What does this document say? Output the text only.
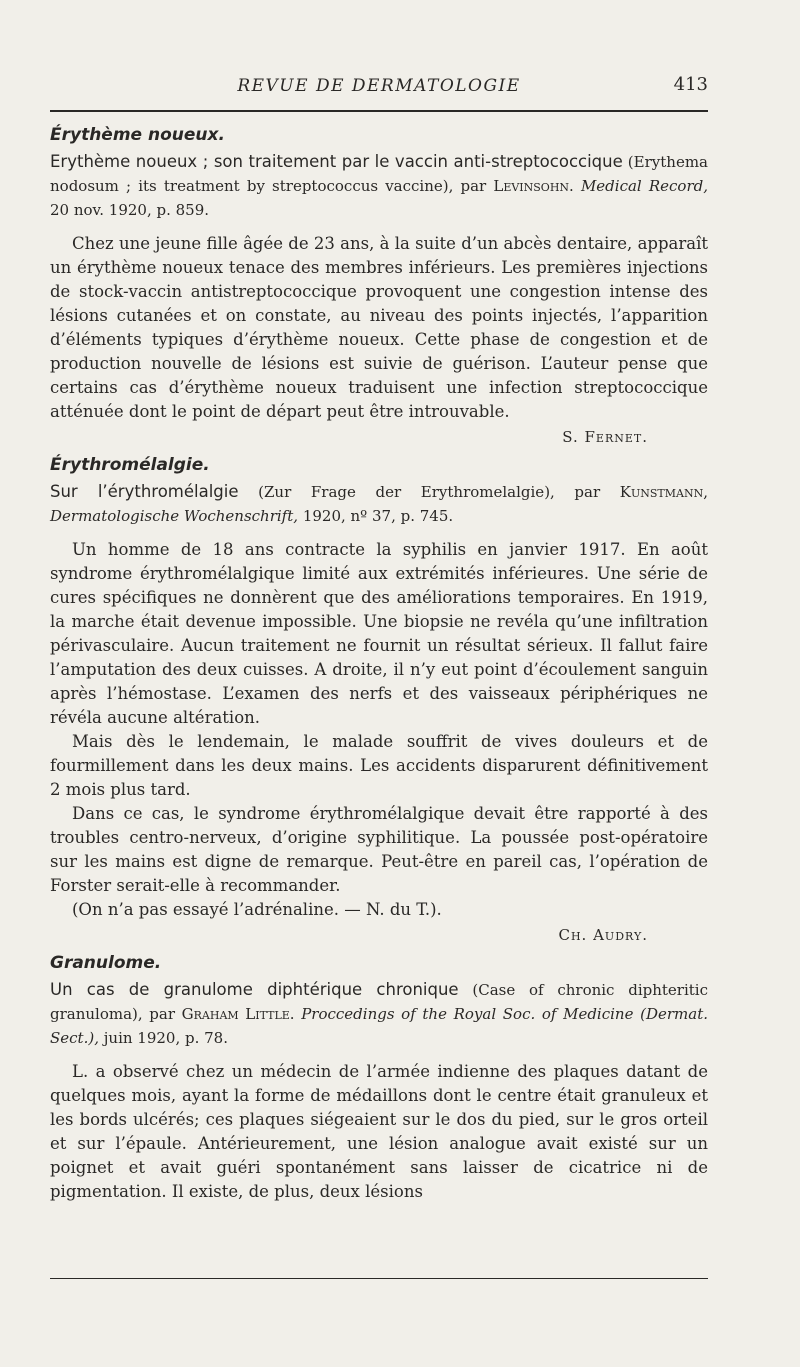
REVUE DE DERMATOLOGIE	413
Érythème noueux.

Erythème noueux ; son traitement par le vaccin anti-streptococcique (Erythema nodosum ; its treatment by streptococcus vaccine), par Levinsohn. Medical Record, 20 nov. 1920, p. 859.

Chez une jeune fille âgée de 23 ans, à la suite d’un abcès dentaire, apparaît un érythème noueux tenace des membres inférieurs. Les premières injections de stock-vaccin antistreptococcique provoquent une congestion intense des lésions cutanées et on constate, au niveau des points injectés, l’apparition d’éléments typiques d’érythème noueux. Cette phase de congestion et de production nouvelle de lésions est suivie de guérison. L’auteur pense que certains cas d’érythème noueux traduisent une infection streptococcique atténuée dont le point de départ peut être introuvable.

S. Fernet.

Érythromélalgie.

Sur l’érythromélalgie (Zur Frage der Erythromelalgie), par Kunstmann, Dermatologische Wochenschrift, 1920, nº 37, p. 745.

Un homme de 18 ans contracte la syphilis en janvier 1917. En août syndrome érythromélalgique limité aux extrémités inférieures. Une série de cures spécifiques ne donnèrent que des améliorations temporaires. En 1919, la marche était devenue impossible. Une biopsie ne revéla qu’une infiltration périvasculaire. Aucun traitement ne fournit un résultat sérieux. Il fallut faire l’amputation des deux cuisses. A droite, il n’y eut point d’écoulement sanguin après l’hémostase. L’examen des nerfs et des vaisseaux périphériques ne révéla aucune altération.

Mais dès le lendemain, le malade souffrit de vives douleurs et de fourmillement dans les deux mains. Les accidents disparurent définitivement 2 mois plus tard.

Dans ce cas, le syndrome érythromélalgique devait être rapporté à des troubles centro-nerveux, d’origine syphilitique. La poussée post-opératoire sur les mains est digne de remarque. Peut-être en pareil cas, l’opération de Forster serait-elle à recommander.

(On n’a pas essayé l’adrénaline. — N. du T.).

Ch. Audry.

Granulome.

Un cas de granulome diphtérique chronique (Case of chronic diphteritic granuloma), par Graham Little. Proccedings of the Royal Soc. of Medicine (Dermat. Sect.), juin 1920, p. 78.

L. a observé chez un médecin de l’armée indienne des plaques datant de quelques mois, ayant la forme de médaillons dont le centre était granuleux et les bords ulcérés; ces plaques siégeaient sur le dos du pied, sur le gros orteil et sur l’épaule. Antérieurement, une lésion analogue avait existé sur un poignet et avait guéri spontanément sans laisser de cicatrice ni de pigmentation. Il existe, de plus, deux lésions
